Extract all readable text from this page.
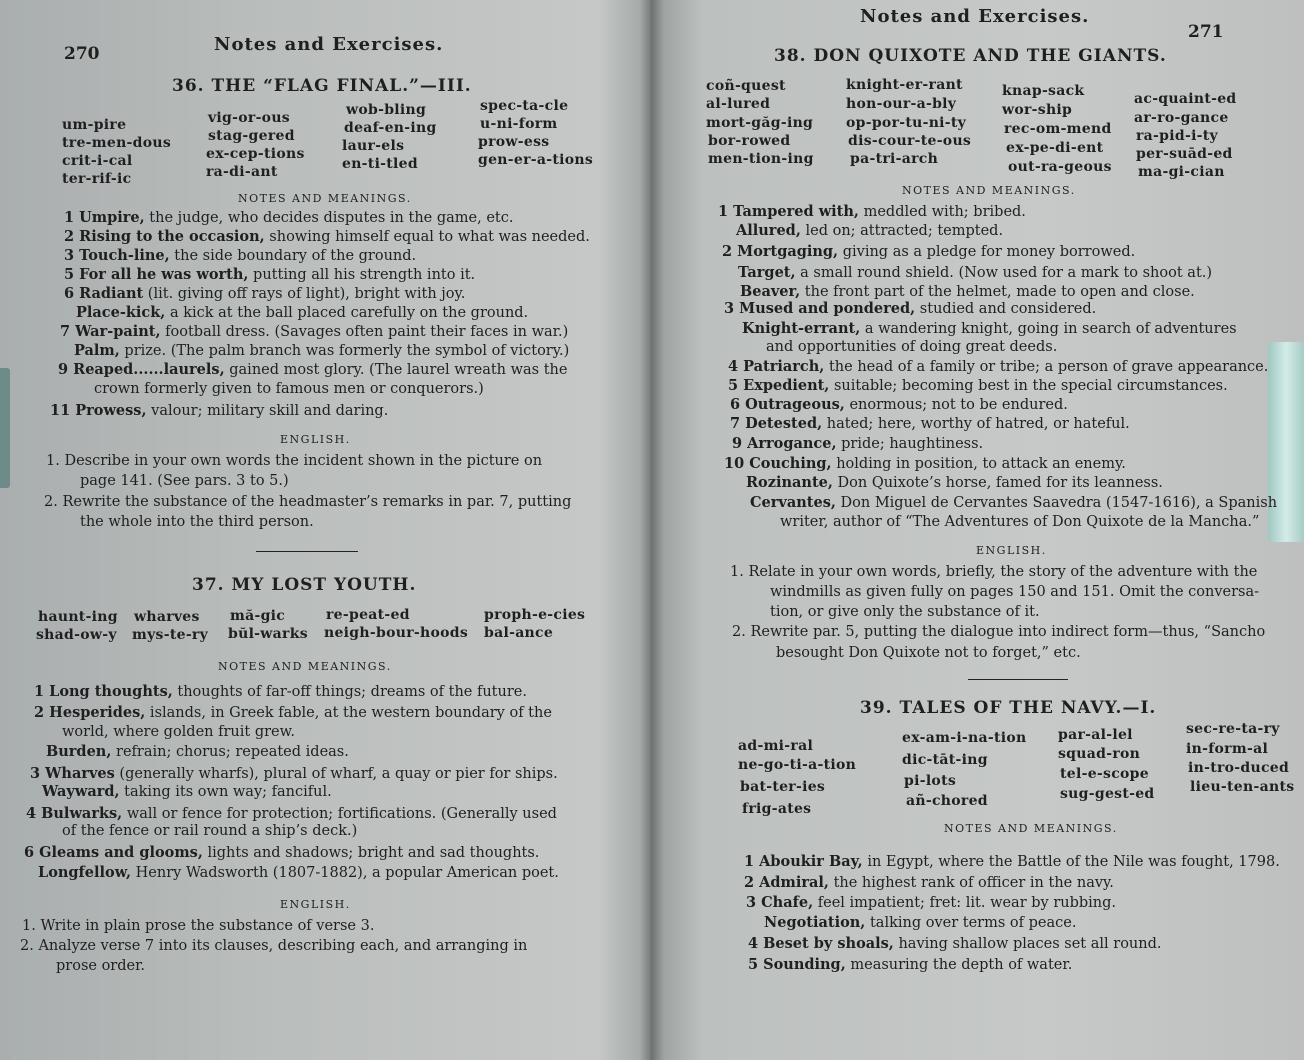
270	Notes and Exercises.
36. THE “FLAG FINAL.”—III.
um-pire
tre-men-dous
crit-i-cal
ter-rif-ic
vig-or-ous
stag-gered
ex-cep-tions
ra-di-ant
wob-bling
deaf-en-ing
laur-els
en-ti-tled
spec-ta-cle
u-ni-form
prow-ess
gen-er-a-tions
NOTES AND MEANINGS.
1 Umpire, the judge, who decides disputes in the game, etc.
2 Rising to the occasion, showing himself equal to what was needed.
3 Touch-line, the side boundary of the ground.
5 For all he was worth, putting all his strength into it.
6 Radiant (lit. giving off rays of light), bright with joy.
Place-kick, a kick at the ball placed carefully on the ground.
7 War-paint, football dress. (Savages often paint their faces in war.)
Palm, prize. (The palm branch was formerly the symbol of victory.)
9 Reaped......laurels, gained most glory. (The laurel wreath was the
crown formerly given to famous men or conquerors.)
11 Prowess, valour; military skill and daring.
ENGLISH.
1. Describe in your own words the incident shown in the picture on
page 141. (See pars. 3 to 5.)
2. Rewrite the substance of the headmaster’s remarks in par. 7, putting
the whole into the third person.
37. MY LOST YOUTH.
haunt-ing
shad-ow-y
wharves
mys-te-ry
mă-gic
bŭl-warks
re-peat-ed
neigh-bour-hoods
proph-e-cies
bal-ance
NOTES AND MEANINGS.
1 Long thoughts, thoughts of far-off things; dreams of the future.
2 Hesperides, islands, in Greek fable, at the western boundary of the
world, where golden fruit grew.
Burden, refrain; chorus; repeated ideas.
3 Wharves (generally wharfs), plural of wharf, a quay or pier for ships.
Wayward, taking its own way; fanciful.
4 Bulwarks, wall or fence for protection; fortifications. (Generally used
of the fence or rail round a ship’s deck.)
6 Gleams and glooms, lights and shadows; bright and sad thoughts.
Longfellow, Henry Wadsworth (1807-1882), a popular American poet.
ENGLISH.
1. Write in plain prose the substance of verse 3.
2. Analyze verse 7 into its clauses, describing each, and arranging in
prose order.
Notes and Exercises.
271
38. DON QUIXOTE AND THE GIANTS.
coñ-quest
al-lured
mort-găg-ing
bor-rowed
men-tion-ing
knight-er-rant
hon-our-a-bly
op-por-tu-ni-ty
dis-cour-te-ous
pa-tri-arch
knap-sack
wor-ship
rec-om-mend
ex-pe-di-ent
out-ra-geous
ac-quaint-ed
ar-ro-gance
ra-pid-i-ty
per-suād-ed
ma-gi-cian
NOTES AND MEANINGS.
1 Tampered with, meddled with; bribed.
Allured, led on; attracted; tempted.
2 Mortgaging, giving as a pledge for money borrowed.
Target, a small round shield. (Now used for a mark to shoot at.)
Beaver, the front part of the helmet, made to open and close.
3 Mused and pondered, studied and considered.
Knight-errant, a wandering knight, going in search of adventures
and opportunities of doing great deeds.
4 Patriarch, the head of a family or tribe; a person of grave appearance.
5 Expedient, suitable; becoming best in the special circumstances.
6 Outrageous, enormous; not to be endured.
7 Detested, hated; here, worthy of hatred, or hateful.
9 Arrogance, pride; haughtiness.
10 Couching, holding in position, to attack an enemy.
Rozinante, Don Quixote’s horse, famed for its leanness.
Cervantes, Don Miguel de Cervantes Saavedra (1547-1616), a Spanish
writer, author of “The Adventures of Don Quixote de la Mancha.”
ENGLISH.
1. Relate in your own words, briefly, the story of the adventure with the
windmills as given fully on pages 150 and 151. Omit the conversa-
tion, or give only the substance of it.
2. Rewrite par. 5, putting the dialogue into indirect form—thus, “Sancho
besought Don Quixote not to forget,” etc.
39. TALES OF THE NAVY.—I.
ad-mi-ral
ne-go-ti-a-tion
bat-ter-ies
frig-ates
ex-am-i-na-tion
dic-tāt-ing
pi-lots
añ-chored
par-al-lel
squad-ron
tel-e-scope
sug-gest-ed
sec-re-ta-ry
in-form-al
in-tro-duced
lieu-ten-ants
NOTES AND MEANINGS.
1 Aboukir Bay, in Egypt, where the Battle of the Nile was fought, 1798.
2 Admiral, the highest rank of officer in the navy.
3 Chafe, feel impatient; fret: lit. wear by rubbing.
Negotiation, talking over terms of peace.
4 Beset by shoals, having shallow places set all round.
5 Sounding, measuring the depth of water.
